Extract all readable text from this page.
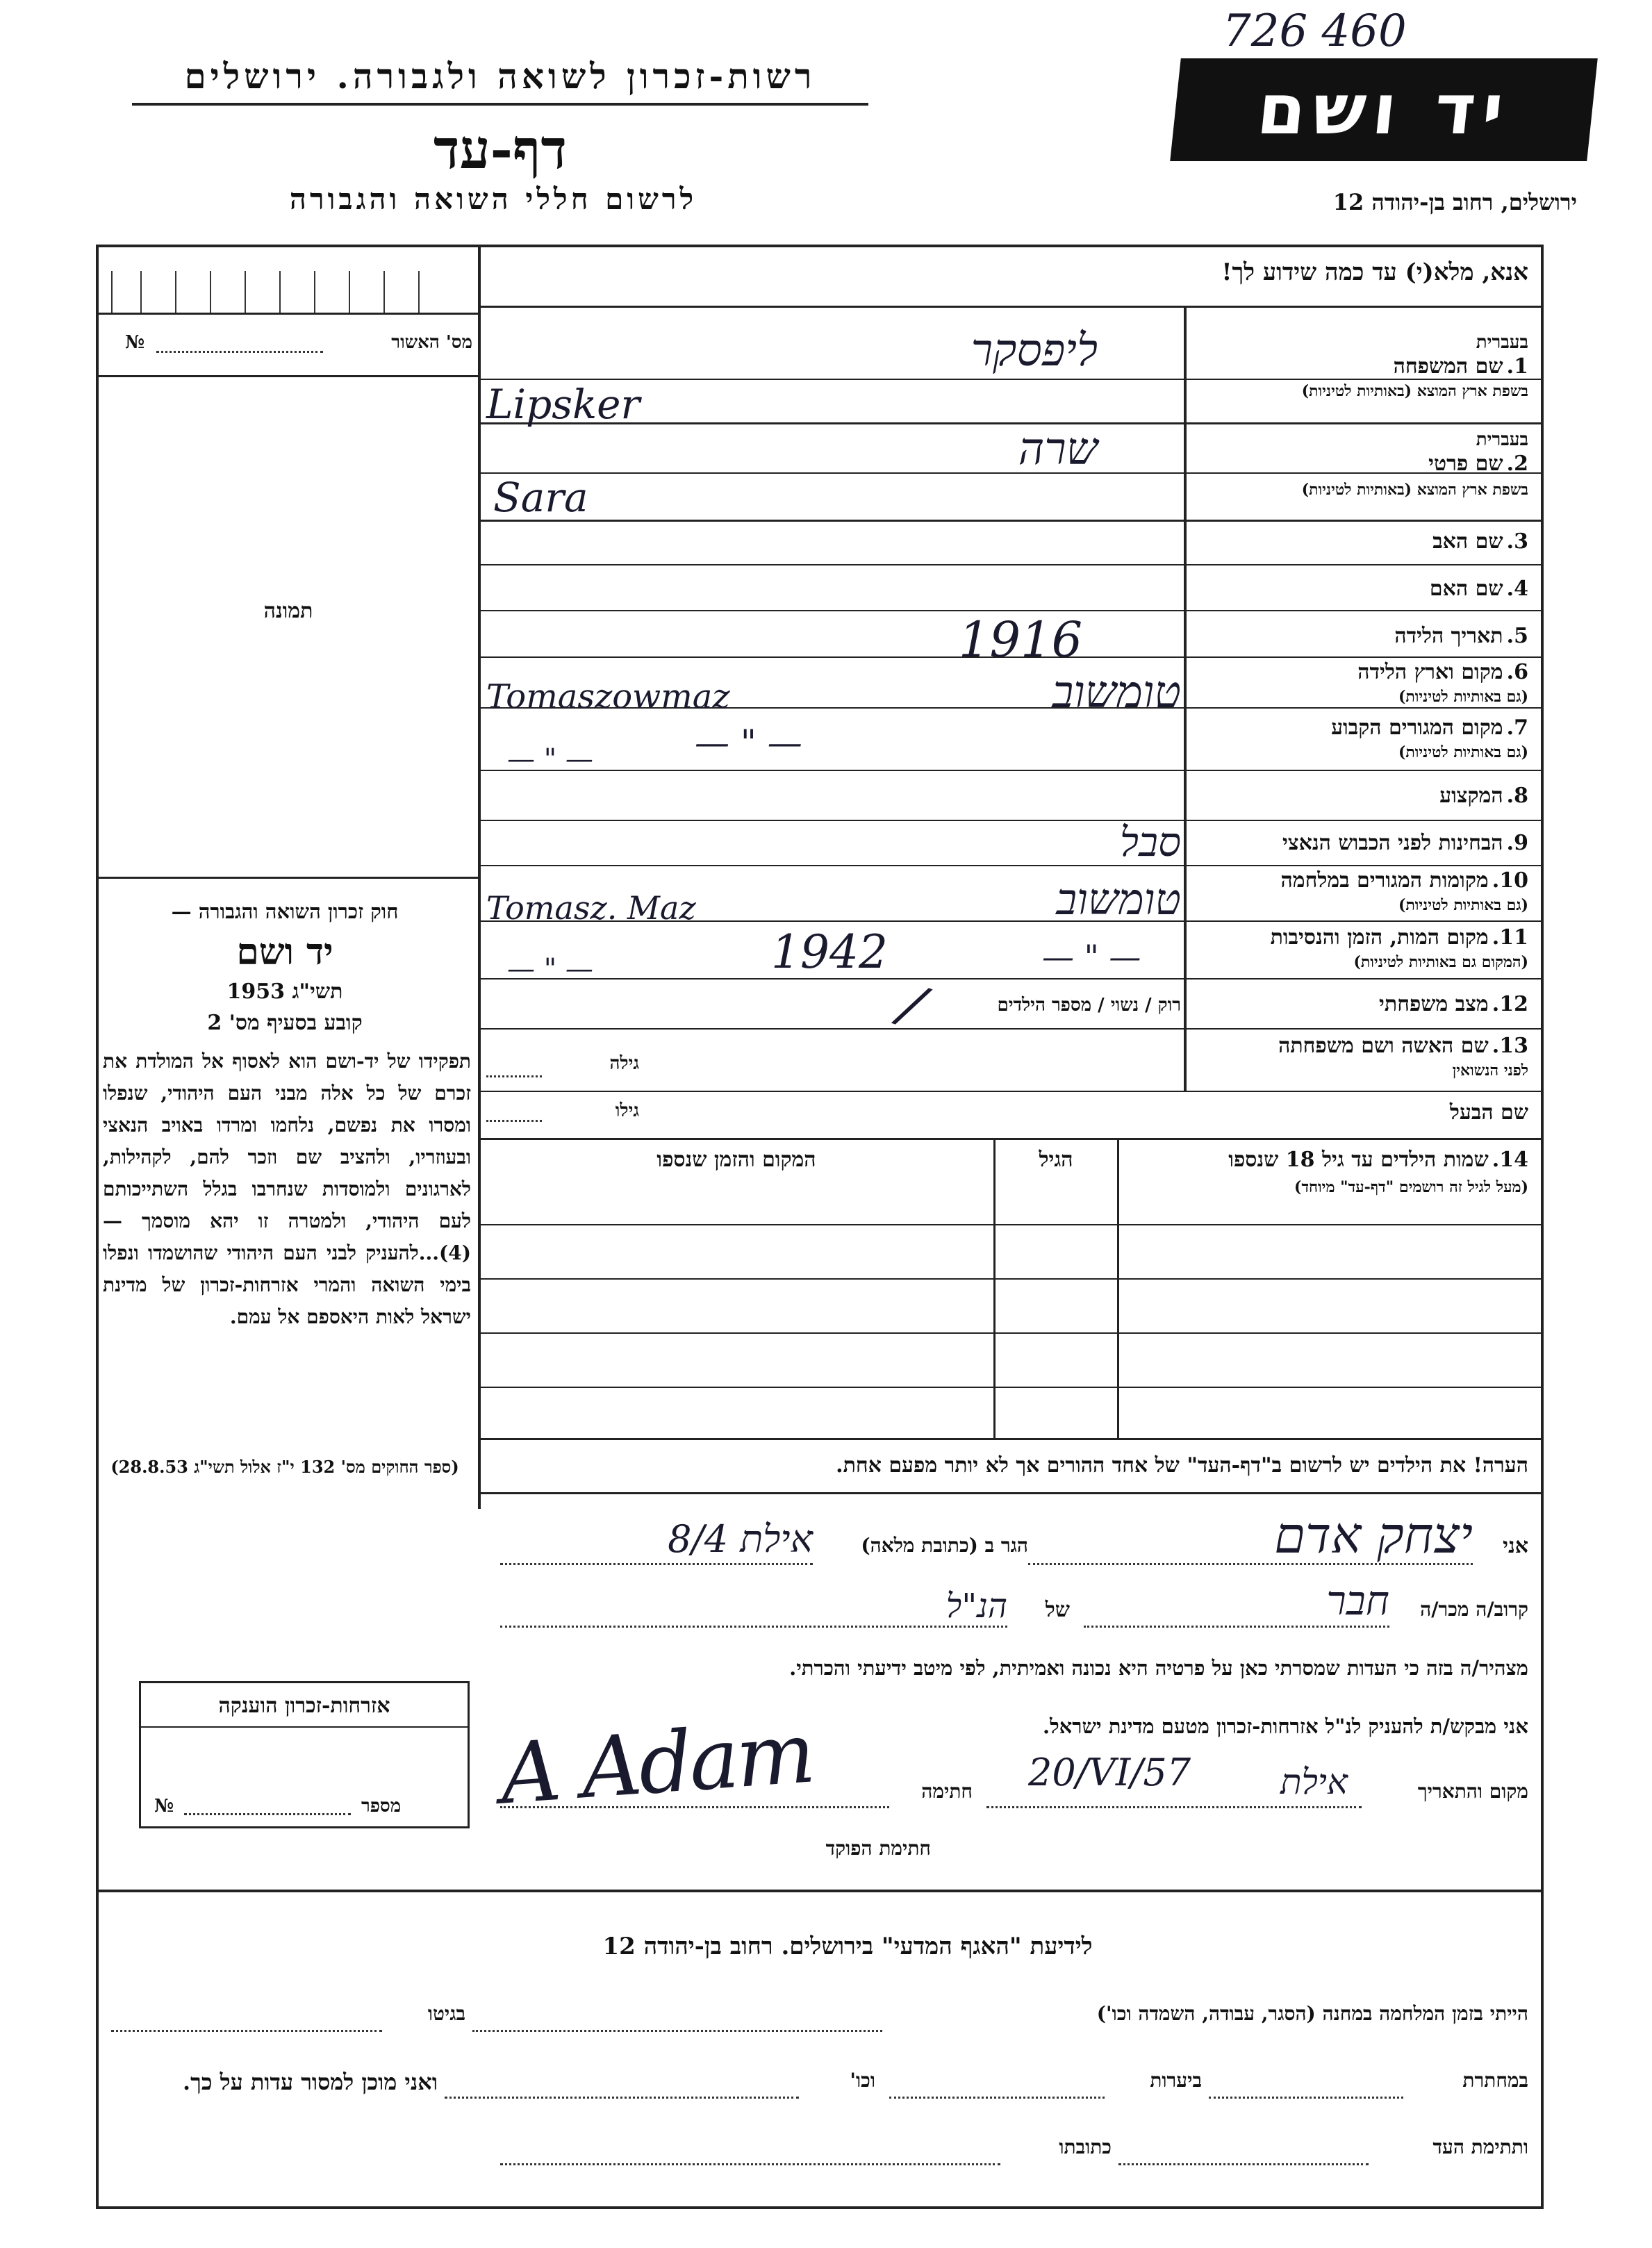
726 460
רשות-זכרון לשואה ולגבורה. ירושלים
דף-עד
לרשום חללי השואה והגבורה
יד ושם
ירושלים, רחוב בן-יהודה 12
מס' האשור
№
תמונה
חוק זכרון השואה והגבורה —
יד ושם
תשי"ג 1953
קובע בסעיף מס' 2
תפקידו של יד-ושם הוא לאסוף אל המולדת את זכרם של כל אלה מבני העם היהודי, שנפלו ומסרו את נפשם, נלחמו ומרדו באויב הנאצי ובעוזריו, ולהציב שם וזכר להם, לקהילות, לארגונים ולמוסדות שנחרבו בגלל השתייכותם לעם היהודי, ולמטרה זו יהא מוסמך — (4)...להעניק לבני העם היהודי שהושמדו ונפלו בימי השואה והמרי אזרחות-זכרון של מדינת ישראל לאות היאספם אל עמם.
(ספר החוקים מס' 132 י"ז אלול תשי"ג 28.8.53)
אזרחות-זכרון הוענקה
מספר
№
אנא, מלא(י) עד כמה שידוע לך!
בעברית
1. שם המשפחה
בשפת ארץ המוצא (באותיות לטיניות)
ליפסקר
Lipsker
בעברית
2. שם פרטי
בשפת ארץ המוצא (באותיות לטיניות)
שרה
Sara
3. שם האב
4. שם האם
5. תאריך הלידה
1916
6. מקום וארץ הלידה
(גם באותיות לטיניות)
טומשוב
Tomaszowmaz
7. מקום המגורים הקבוע
(גם באותיות לטיניות)
— " —
— " —
8. המקצוע
9. הבחינות לפני הכבוש הנאצי
סבל
10. מקומות המגורים במלחמה
(גם באותיות לטיניות)
טומשוב
Tomasz. Maz
11. מקום המות, הזמן והנסיבות
(המקום גם באותיות לטיניות)
1942	— " —
— " —
12. מצב משפחתי
רוק / נשוי / מספר הילדים
/
13. שם האשה ושם משפחתה
לפני הנשואין
גילה
שם הבעל
גילו
14. שמות הילדים עד גיל 18 שנספו
(מעל לגיל זה רושמים "דף-עד" מיוחד)
הגיל
המקום והזמן שנספו
הערה! את הילדים יש לרשום ב"דף-העד" של אחד ההורים אך לא יותר מפעם אחת.
אני
יצחק אדם
הגר ב (כתובת מלאה)
אילת 8/4
קרוב/ה מכר/ה
חבר
של
הנ"ל
מצהיר/ה בזה כי העדות שמסרתי כאן על פרטיה היא נכונה ואמיתית, לפי מיטב ידיעתי והכרתי.
אני מבקש/ת להעניק לנ"ל אזרחות-זכרון מטעם מדינת ישראל.
מקום והתאריך
אילת
20/VI/57
חתימה
A Adam
חתימת הפוקד
לידיעת "האגף המדעי" בירושלים. רחוב בן-יהודה 12
הייתי בזמן המלחמה במחנה (הסגר, עבודה, השמדה וכו')
בגיטו
במחתרת
ביערות
וכו'
ואני מוכן למסור עדות על כך.
ותתימת העד
כתובתו
